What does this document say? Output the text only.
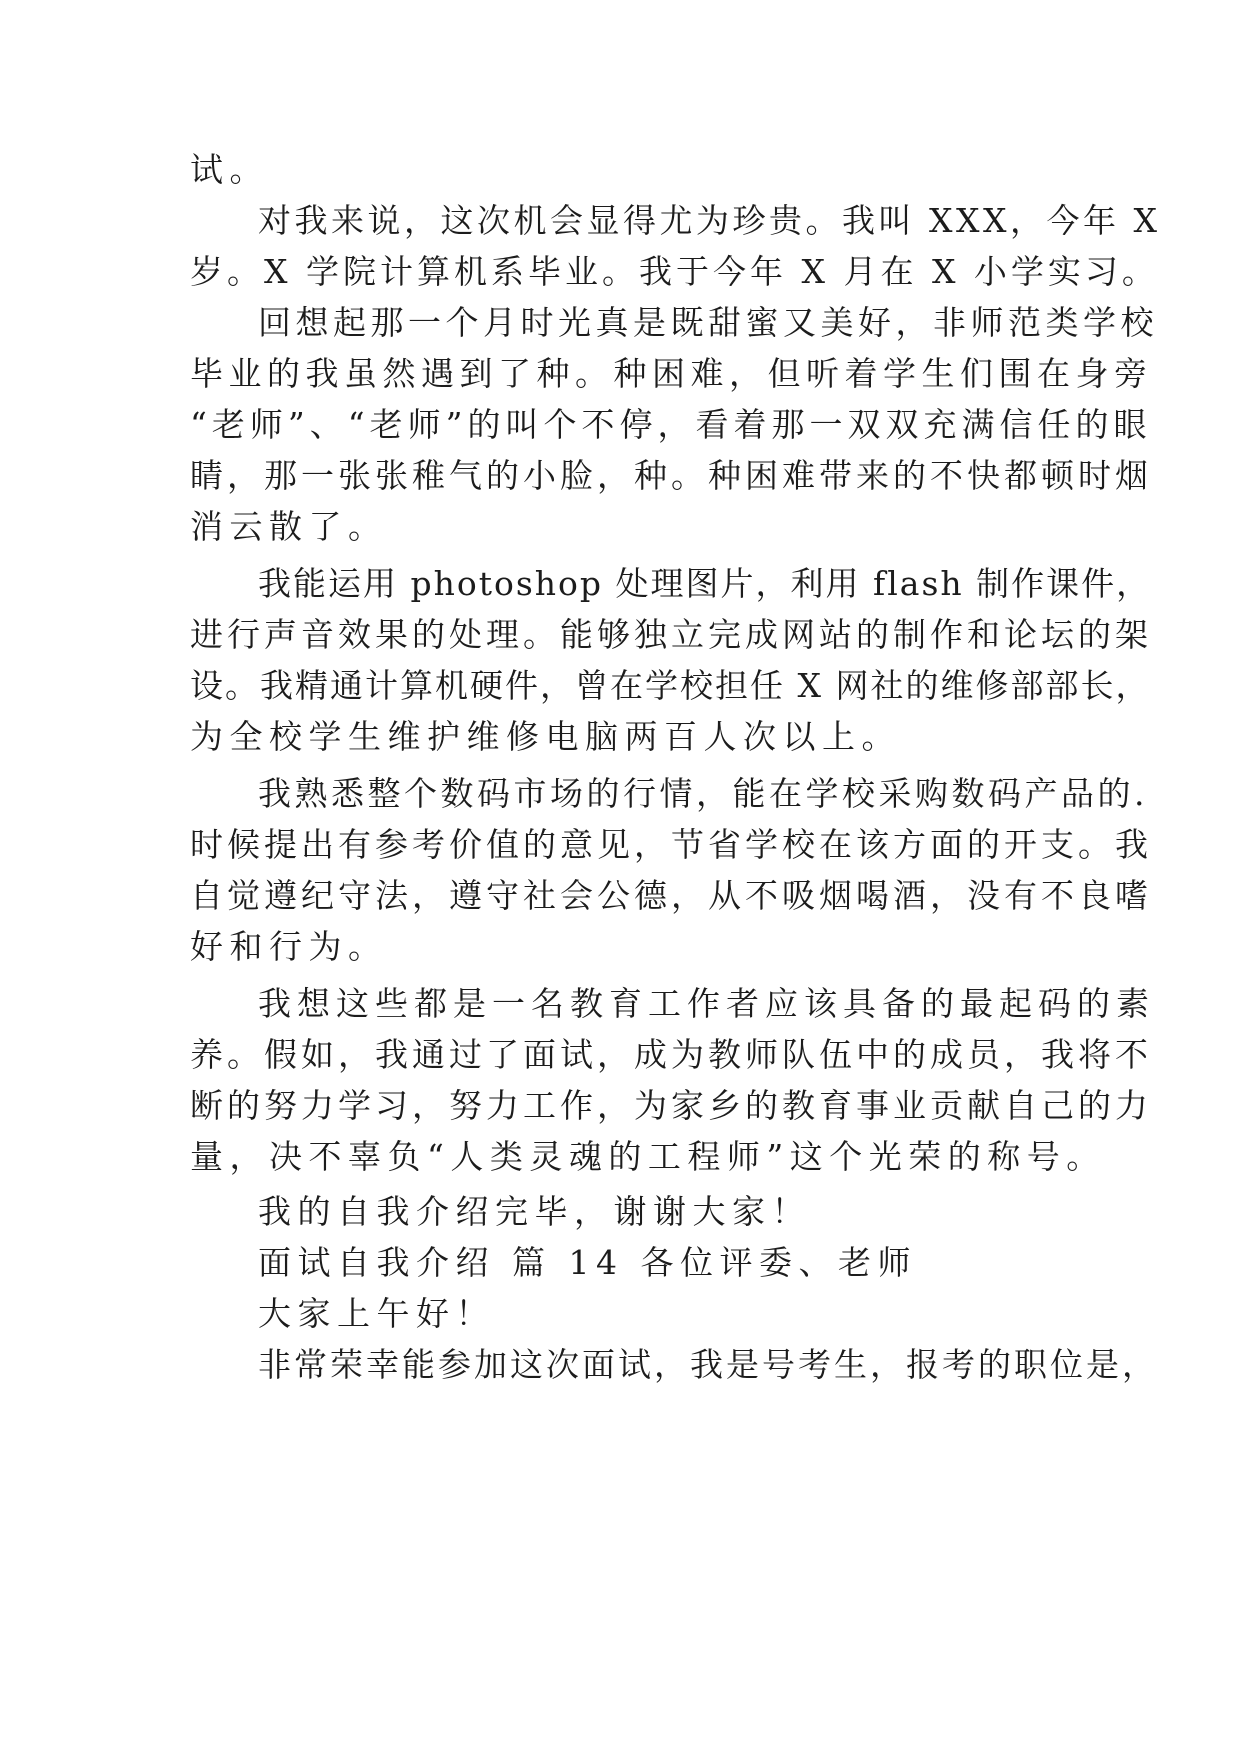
试。
对我来说，这次机会显得尤为珍贵。我叫 XXX，今年 X
岁。X 学院计算机系毕业。我于今年 X 月在 X 小学实习。
回想起那一个月时光真是既甜蜜又美好，非师范类学校
毕业的我虽然遇到了种。种困难，但听着学生们围在身旁
“老师”、“老师”的叫个不停，看着那一双双充满信任的眼
睛，那一张张稚气的小脸，种。种困难带来的不快都顿时烟
消云散了。
我能运用 photoshop 处理图片，利用 flash 制作课件，
进行声音效果的处理。能够独立完成网站的制作和论坛的架
设。我精通计算机硬件，曾在学校担任 X 网社的维修部部长，
为全校学生维护维修电脑两百人次以上。
我熟悉整个数码市场的行情，能在学校采购数码产品的.
时候提出有参考价值的意见，节省学校在该方面的开支。我
自觉遵纪守法，遵守社会公德，从不吸烟喝酒，没有不良嗜
好和行为。
我想这些都是一名教育工作者应该具备的最起码的素
养。假如，我通过了面试，成为教师队伍中的成员，我将不
断的努力学习，努力工作，为家乡的教育事业贡献自己的力
量，决不辜负“人类灵魂的工程师”这个光荣的称号。
我的自我介绍完毕，谢谢大家！
面试自我介绍 篇 14 各位评委、老师
大家上午好！
非常荣幸能参加这次面试，我是号考生，报考的职位是，
